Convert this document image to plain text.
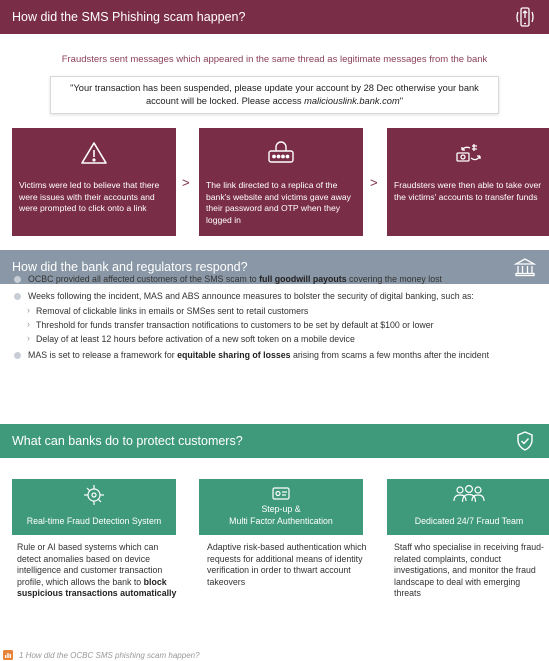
How did the SMS Phishing scam happen?
Fraudsters sent messages which appeared in the same thread as legitimate messages from the bank
"Your transaction has been suspended, please update your account by 28 Dec otherwise your bank account will be locked. Please access maliciouslink.bank.com"
Victims were led to believe that there were issues with their accounts and were prompted to click onto a link
> The link directed to a replica of the bank's website and victims gave away their password and OTP when they logged in
> Fraudsters were then able to take over the victims' accounts to transfer funds
How did the bank and regulators respond?
OCBC provided all affected customers of the SMS scam to full goodwill payouts covering the money lost
Weeks following the incident, MAS and ABS announce measures to bolster the security of digital banking, such as:
› Removal of clickable links in emails or SMSes sent to retail customers
› Threshold for funds transfer transaction notifications to customers to be set by default at $100 or lower
› Delay of at least 12 hours before activation of a new soft token on a mobile device
MAS is set to release a framework for equitable sharing of losses arising from scams a few months after the incident
What can banks do to protect customers?
Real-time Fraud Detection System
Step-up &
Multi Factor Authentication	Dedicated 24/7 Fraud Team
Rule or AI based systems which can detect anomalies based on device intelligence and customer transaction profile, which allows the bank to block suspicious transactions automatically
Adaptive risk-based authentication which requests for additional means of identity verification in order to thwart account takeovers
Staff who specialise in receiving fraud-related complaints, conduct investigations, and monitor the fraud landscape to deal with emerging threats
1 How did the OCBC SMS phishing scam happen?
